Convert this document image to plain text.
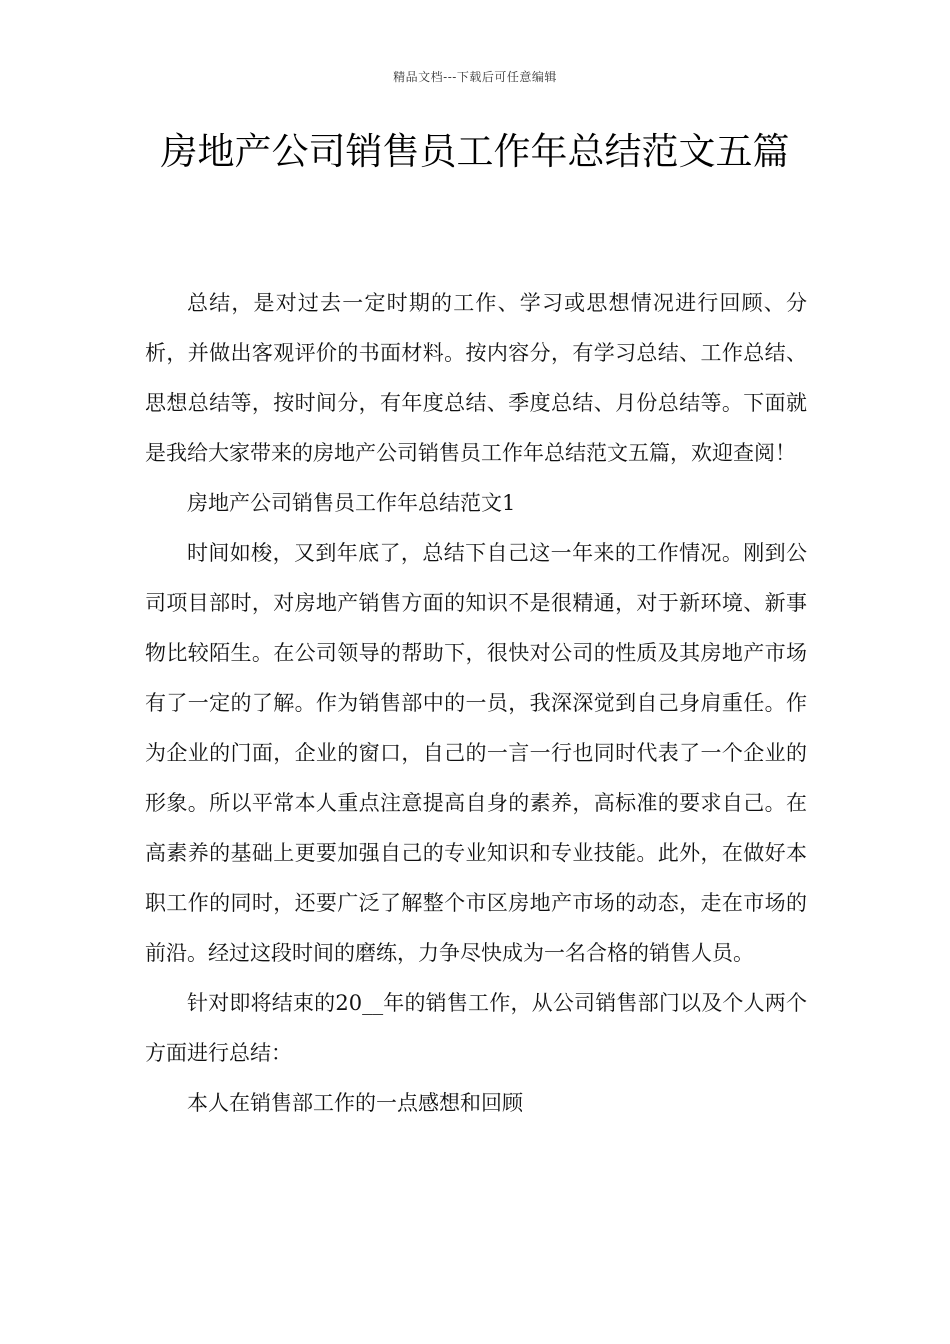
精品文档---下载后可任意编辑
房地产公司销售员工作年总结范文五篇

总结，是对过去一定时期的工作、学习或思想情况进行回顾、分析，并做出客观评价的书面材料。按内容分，有学习总结、工作总结、思想总结等，按时间分，有年度总结、季度总结、月份总结等。下面就是我给大家带来的房地产公司销售员工作年总结范文五篇，欢迎查阅！

房地产公司销售员工作年总结范文1

时间如梭，又到年底了，总结下自己这一年来的工作情况。刚到公司项目部时，对房地产销售方面的知识不是很精通，对于新环境、新事物比较陌生。在公司领导的帮助下，很快对公司的性质及其房地产市场有了一定的了解。作为销售部中的一员，我深深觉到自己身肩重任。作为企业的门面，企业的窗口，自己的一言一行也同时代表了一个企业的形象。所以平常本人重点注意提高自身的素养，高标准的要求自己。在高素养的基础上更要加强自己的专业知识和专业技能。此外，在做好本职工作的同时，还要广泛了解整个市区房地产市场的动态，走在市场的前沿。经过这段时间的磨练，力争尽快成为一名合格的销售人员。

针对即将结束的20__年的销售工作，从公司销售部门以及个人两个方面进行总结：

本人在销售部工作的一点感想和回顾
